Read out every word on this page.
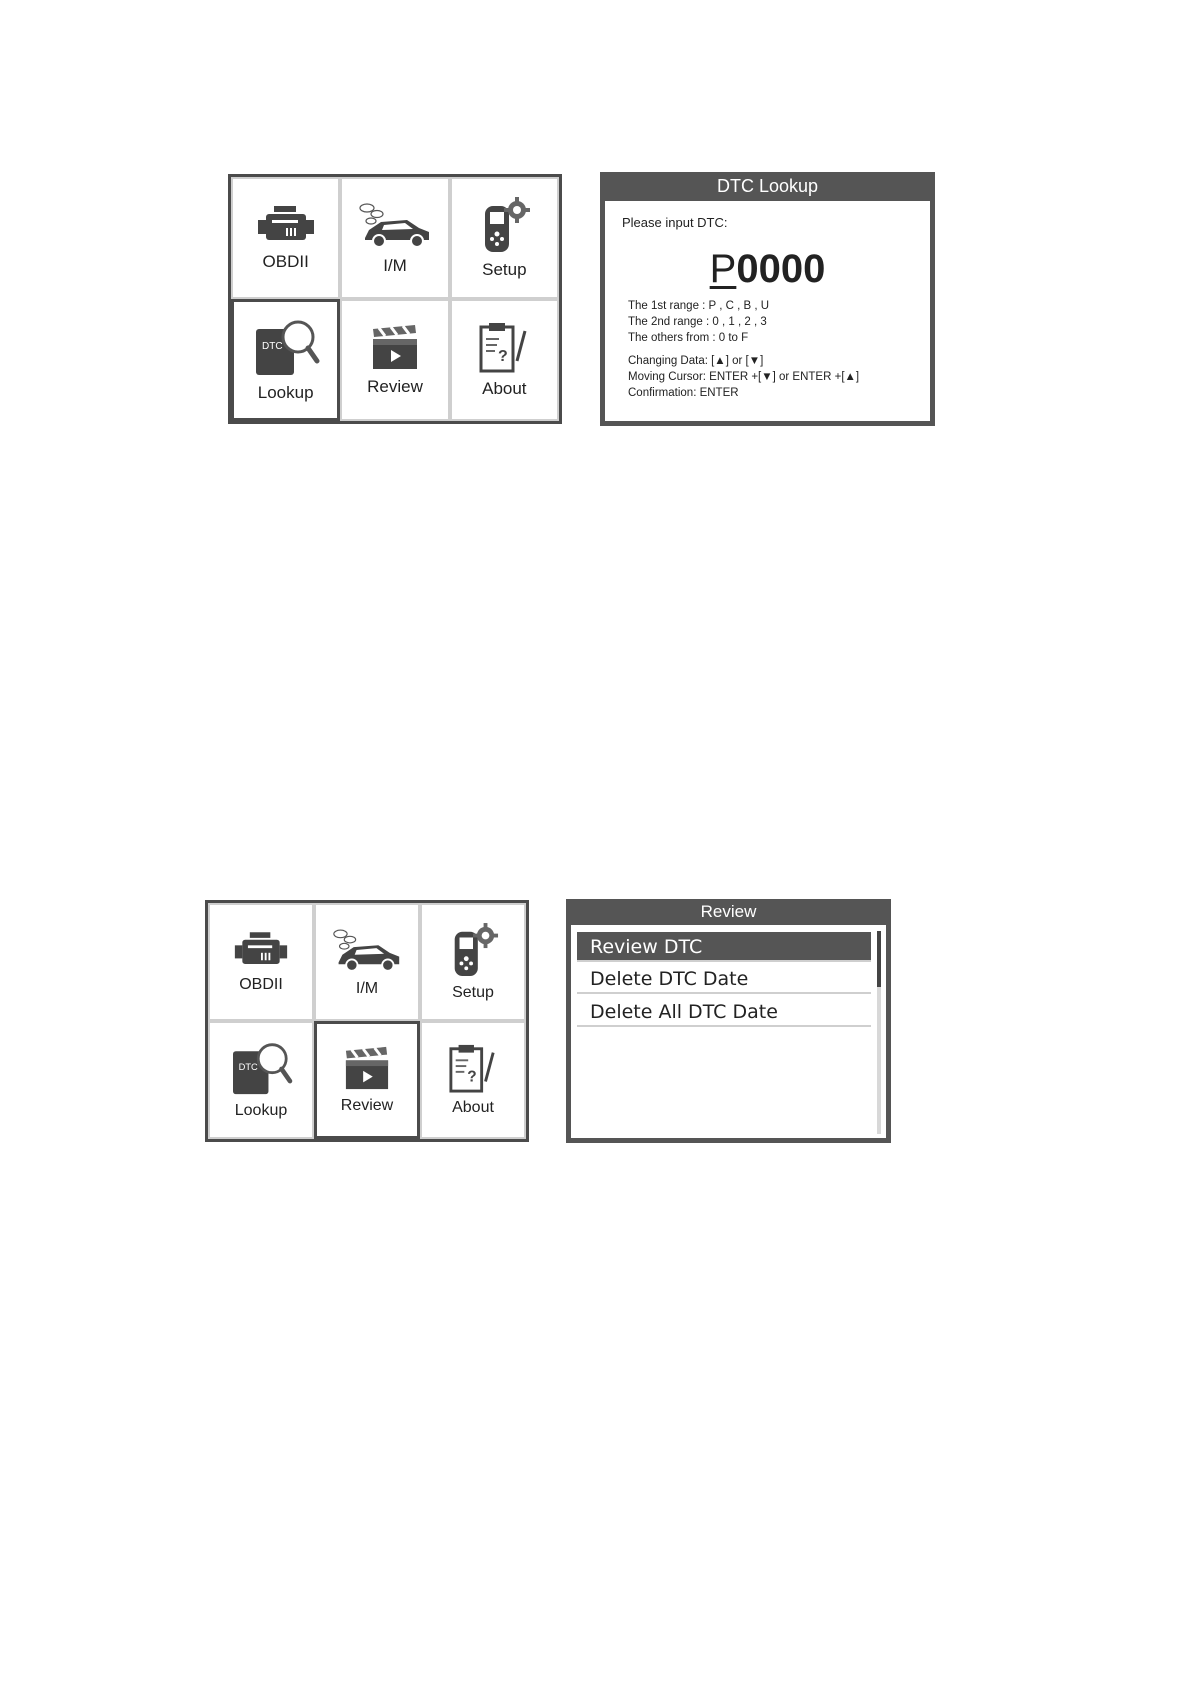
OBDII	I/M	Setup
DTC
Lookup	Review
?
About
DTC Lookup
Please input DTC:
P0000
The 1st range : P , C , B , U
The 2nd range : 0 , 1 , 2 , 3
The others from : 0 to F
Changing Data: [▲] or [▼]
Moving Cursor: ENTER +[▼] or ENTER +[▲]
Confirmation: ENTER
OBDII	I/M	Setup
DTC
Lookup	Review
?
About
Review
Review DTC
Delete DTC Date
Delete All DTC Date
